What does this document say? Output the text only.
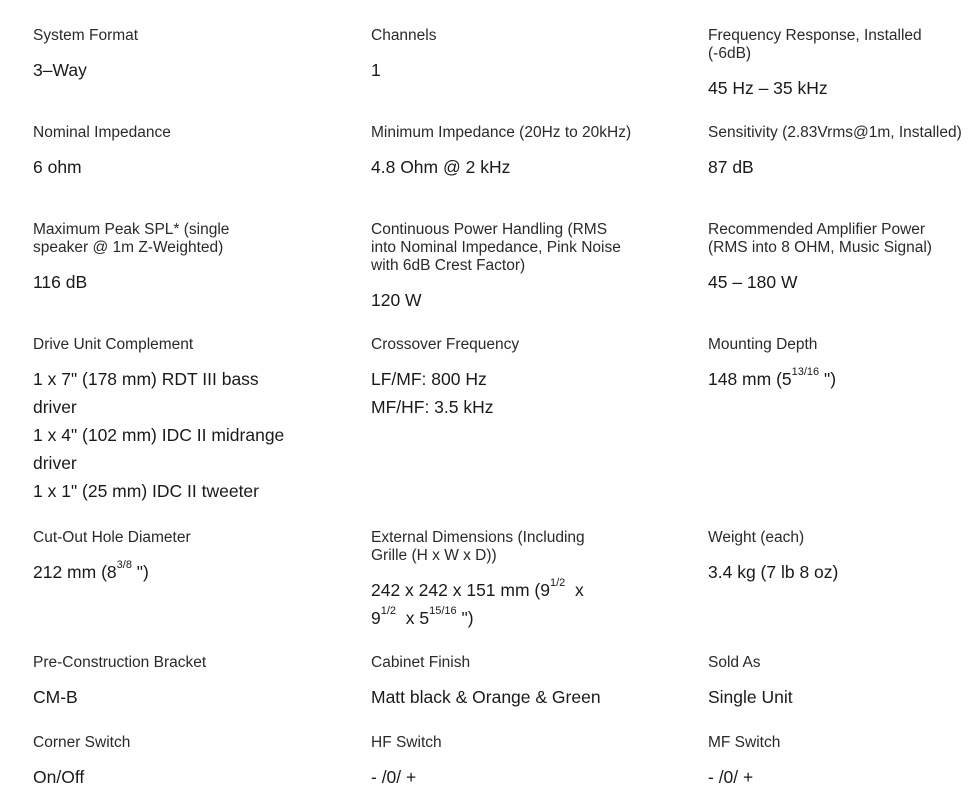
System Format
3–Way
Channels
1
Frequency Response, Installed (-6dB)
45 Hz – 35 kHz
Nominal Impedance
6 ohm
Minimum Impedance (20Hz to 20kHz)
4.8 Ohm @ 2 kHz
Sensitivity (2.83Vrms@1m, Installed)
87 dB
Maximum Peak SPL* (single speaker @ 1m Z-Weighted)
116 dB
Continuous Power Handling (RMS into Nominal Impedance, Pink Noise with 6dB Crest Factor)
120 W
Recommended Amplifier Power (RMS into 8 OHM, Music Signal)
45 – 180 W
Drive Unit Complement
1 x 7" (178 mm) RDT III bass
driver
1 x 4" (102 mm) IDC II midrange
driver
1 x 1" (25 mm) IDC II tweeter
Crossover Frequency
LF/MF: 800 Hz
MF/HF: 3.5 kHz
Mounting Depth
148 mm ($5^{13/16}$ ")
Cut-Out Hole Diameter
212 mm ($8^{3/8}$ ")
External Dimensions (Including Grille (H x W x D))
242 x 242 x 151 mm ($9^{1/2}$  x
$9^{1/2}$  x $5^{15/16}$ ")
Weight (each)
3.4 kg (7 lb 8 oz)
Pre-Construction Bracket
CM-B
Cabinet Finish
Matt black & Orange & Green
Sold As
Single Unit
Corner Switch
On/Off
HF Switch
- /0/ +
MF Switch
- /0/ +
